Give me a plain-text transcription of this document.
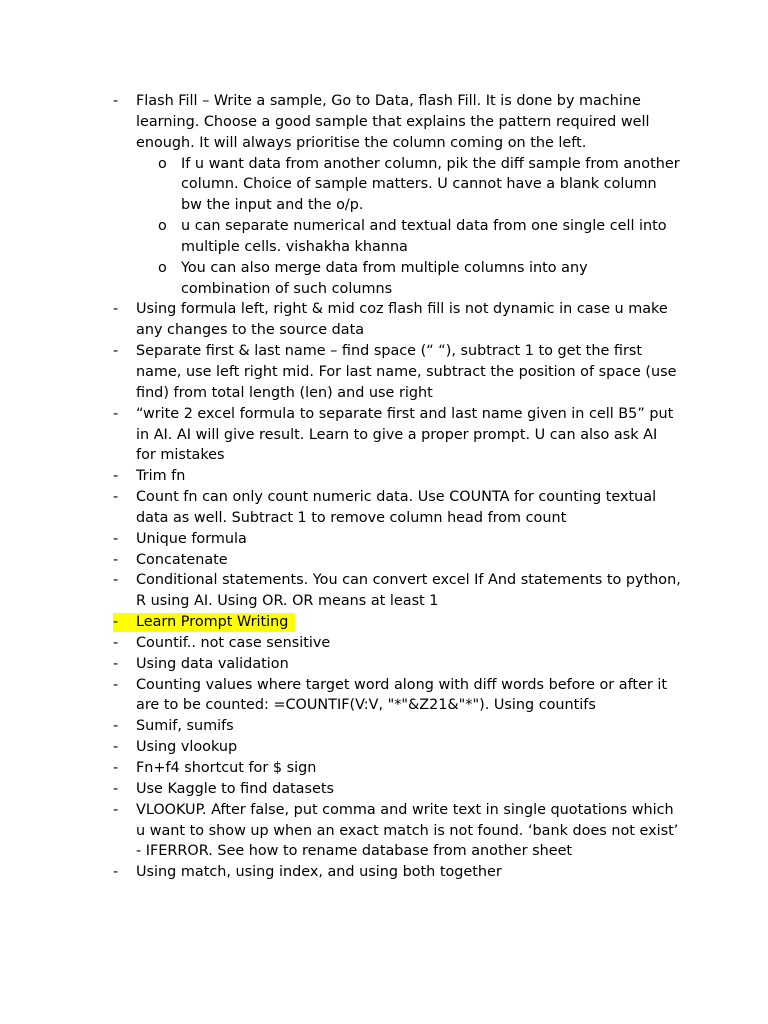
- Flash Fill – Write a sample, Go to Data, flash Fill. It is done by machine learning. Choose a good sample that explains the pattern required well enough. It will always prioritise the column coming on the left.
o If u want data from another column, pik the diff sample from another column. Choice of sample matters. U cannot have a blank column bw the input and the o/p.
o u can separate numerical and textual data from one single cell into multiple cells. vishakha khanna
o You can also merge data from multiple columns into any combination of such columns
- Using formula left, right & mid coz flash fill is not dynamic in case u make any changes to the source data
- Separate first & last name – find space (“ “), subtract 1 to get the first name, use left right mid. For last name, subtract the position of space (use find) from total length (len) and use right
- “write 2 excel formula to separate first and last name given in cell B5” put in AI. AI will give result. Learn to give a proper prompt. U can also ask AI for mistakes
- Trim fn
- Count fn can only count numeric data. Use COUNTA for counting textual data as well. Subtract 1 to remove column head from count
- Unique formula
- Concatenate
- Conditional statements. You can convert excel If And statements to python, R using AI. Using OR. OR means at least 1
- Learn Prompt Writing
- Countif.. not case sensitive
- Using data validation
- Counting values where target word along with diff words before or after it are to be counted: =COUNTIF(V:V, "*"&Z21&"*"). Using countifs
- Sumif, sumifs
- Using vlookup
- Fn+f4 shortcut for $ sign
- Use Kaggle to find datasets
- VLOOKUP. After false, put comma and write text in single quotations which u want to show up when an exact match is not found. ‘bank does not exist’ - IFERROR. See how to rename database from another sheet
- Using match, using index, and using both together
